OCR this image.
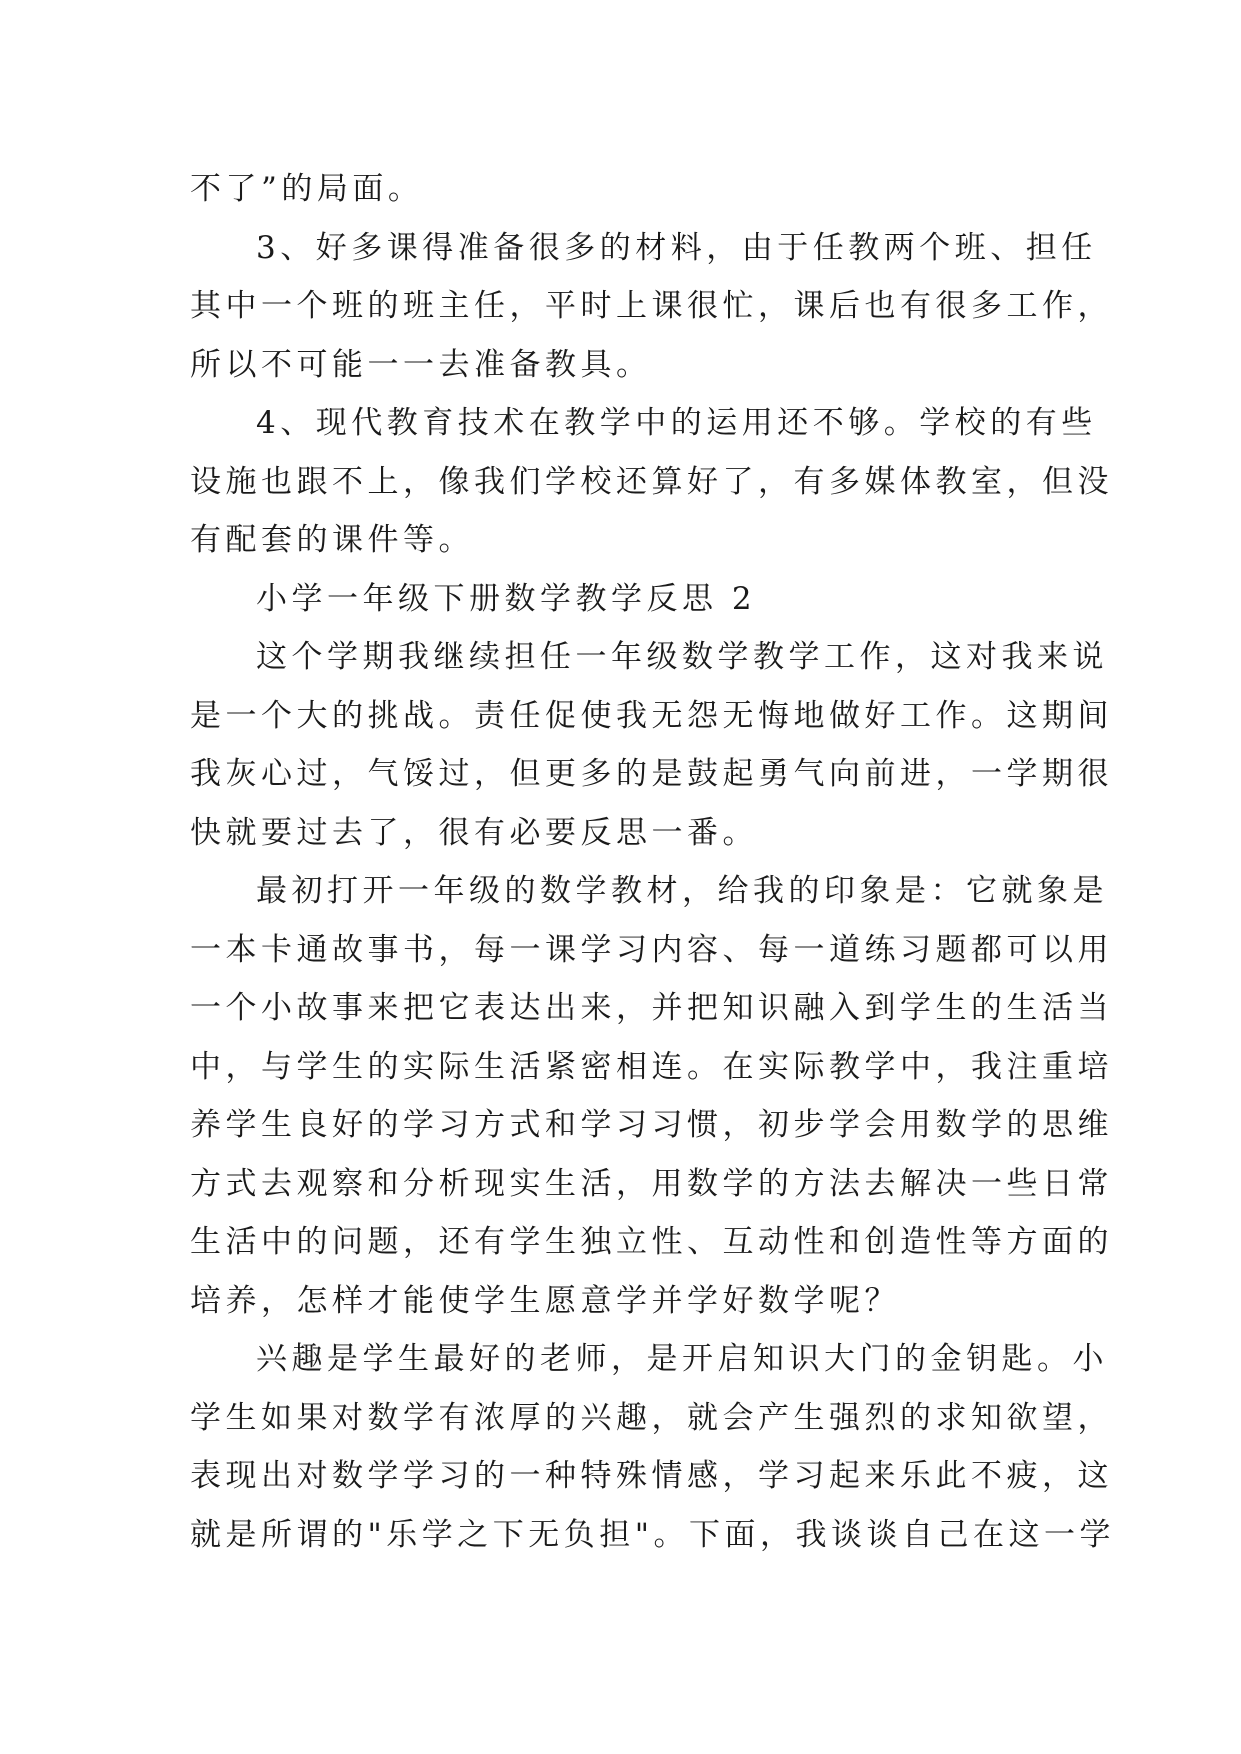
不了”的局面。
3、好多课得准备很多的材料，由于任教两个班、担任
其中一个班的班主任，平时上课很忙，课后也有很多工作，
所以不可能一一去准备教具。
4、现代教育技术在教学中的运用还不够。学校的有些
设施也跟不上，像我们学校还算好了，有多媒体教室，但没
有配套的课件等。
小学一年级下册数学教学反思 2
这个学期我继续担任一年级数学教学工作，这对我来说
是一个大的挑战。责任促使我无怨无悔地做好工作。这期间
我灰心过，气馁过，但更多的是鼓起勇气向前进，一学期很
快就要过去了，很有必要反思一番。
最初打开一年级的数学教材，给我的印象是：它就象是
一本卡通故事书，每一课学习内容、每一道练习题都可以用
一个小故事来把它表达出来，并把知识融入到学生的生活当
中，与学生的实际生活紧密相连。在实际教学中，我注重培
养学生良好的学习方式和学习习惯，初步学会用数学的思维
方式去观察和分析现实生活，用数学的方法去解决一些日常
生活中的问题，还有学生独立性、互动性和创造性等方面的
培养，怎样才能使学生愿意学并学好数学呢？
兴趣是学生最好的老师，是开启知识大门的金钥匙。小
学生如果对数学有浓厚的兴趣，就会产生强烈的求知欲望，
表现出对数学学习的一种特殊情感，学习起来乐此不疲，这
就是所谓的"乐学之下无负担"。下面，我谈谈自己在这一学
